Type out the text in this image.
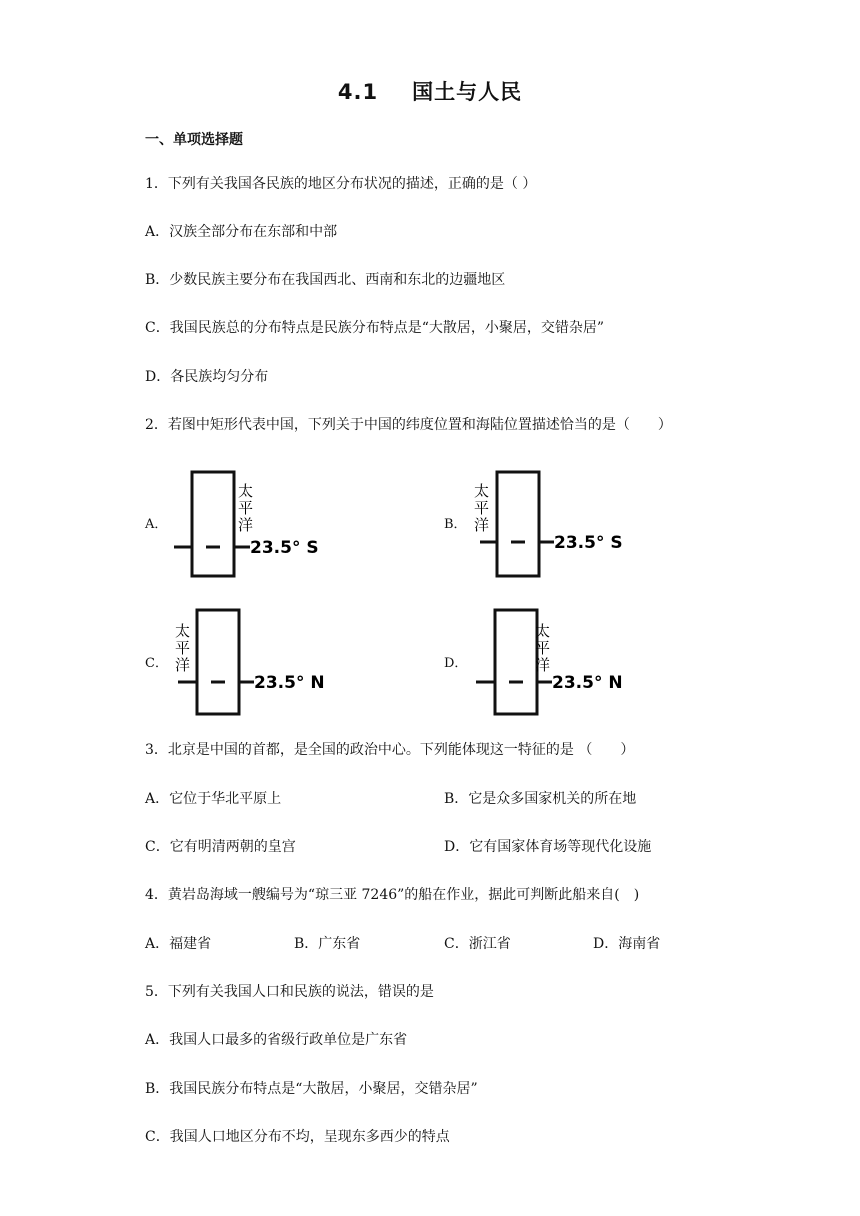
4.1 国土与人民
一、单项选择题
1．下列有关我国各民族的地区分布状况的描述，正确的是（ ）
A．汉族全部分布在东部和中部
B．少数民族主要分布在我国西北、西南和东北的边疆地区
C．我国民族总的分布特点是民族分布特点是“大散居，小聚居，交错杂居”
D．各民族均匀分布
2．若图中矩形代表中国，下列关于中国的纬度位置和海陆位置描述恰当的是（　　）
A．
23.5° S
太
平
洋	B．
太
平
洋
23.5° S
C．
太
平
洋
23.5° N
D．
太
平
洋
23.5° N
3．北京是中国的首都，是全国的政治中心。下列能体现这一特征的是 （　　）
A．它位于华北平原上	B．它是众多国家机关的所在地
C．它有明清两朝的皇宫	D．它有国家体育场等现代化设施
4．黄岩岛海域一艘编号为“琼三亚 7246”的船在作业，据此可判断此船来自(　)
A．福建省	B．广东省	C．浙江省	D．海南省
5．下列有关我国人口和民族的说法，错误的是
A．我国人口最多的省级行政单位是广东省
B．我国民族分布特点是“大散居，小聚居，交错杂居”
C．我国人口地区分布不均，呈现东多西少的特点
